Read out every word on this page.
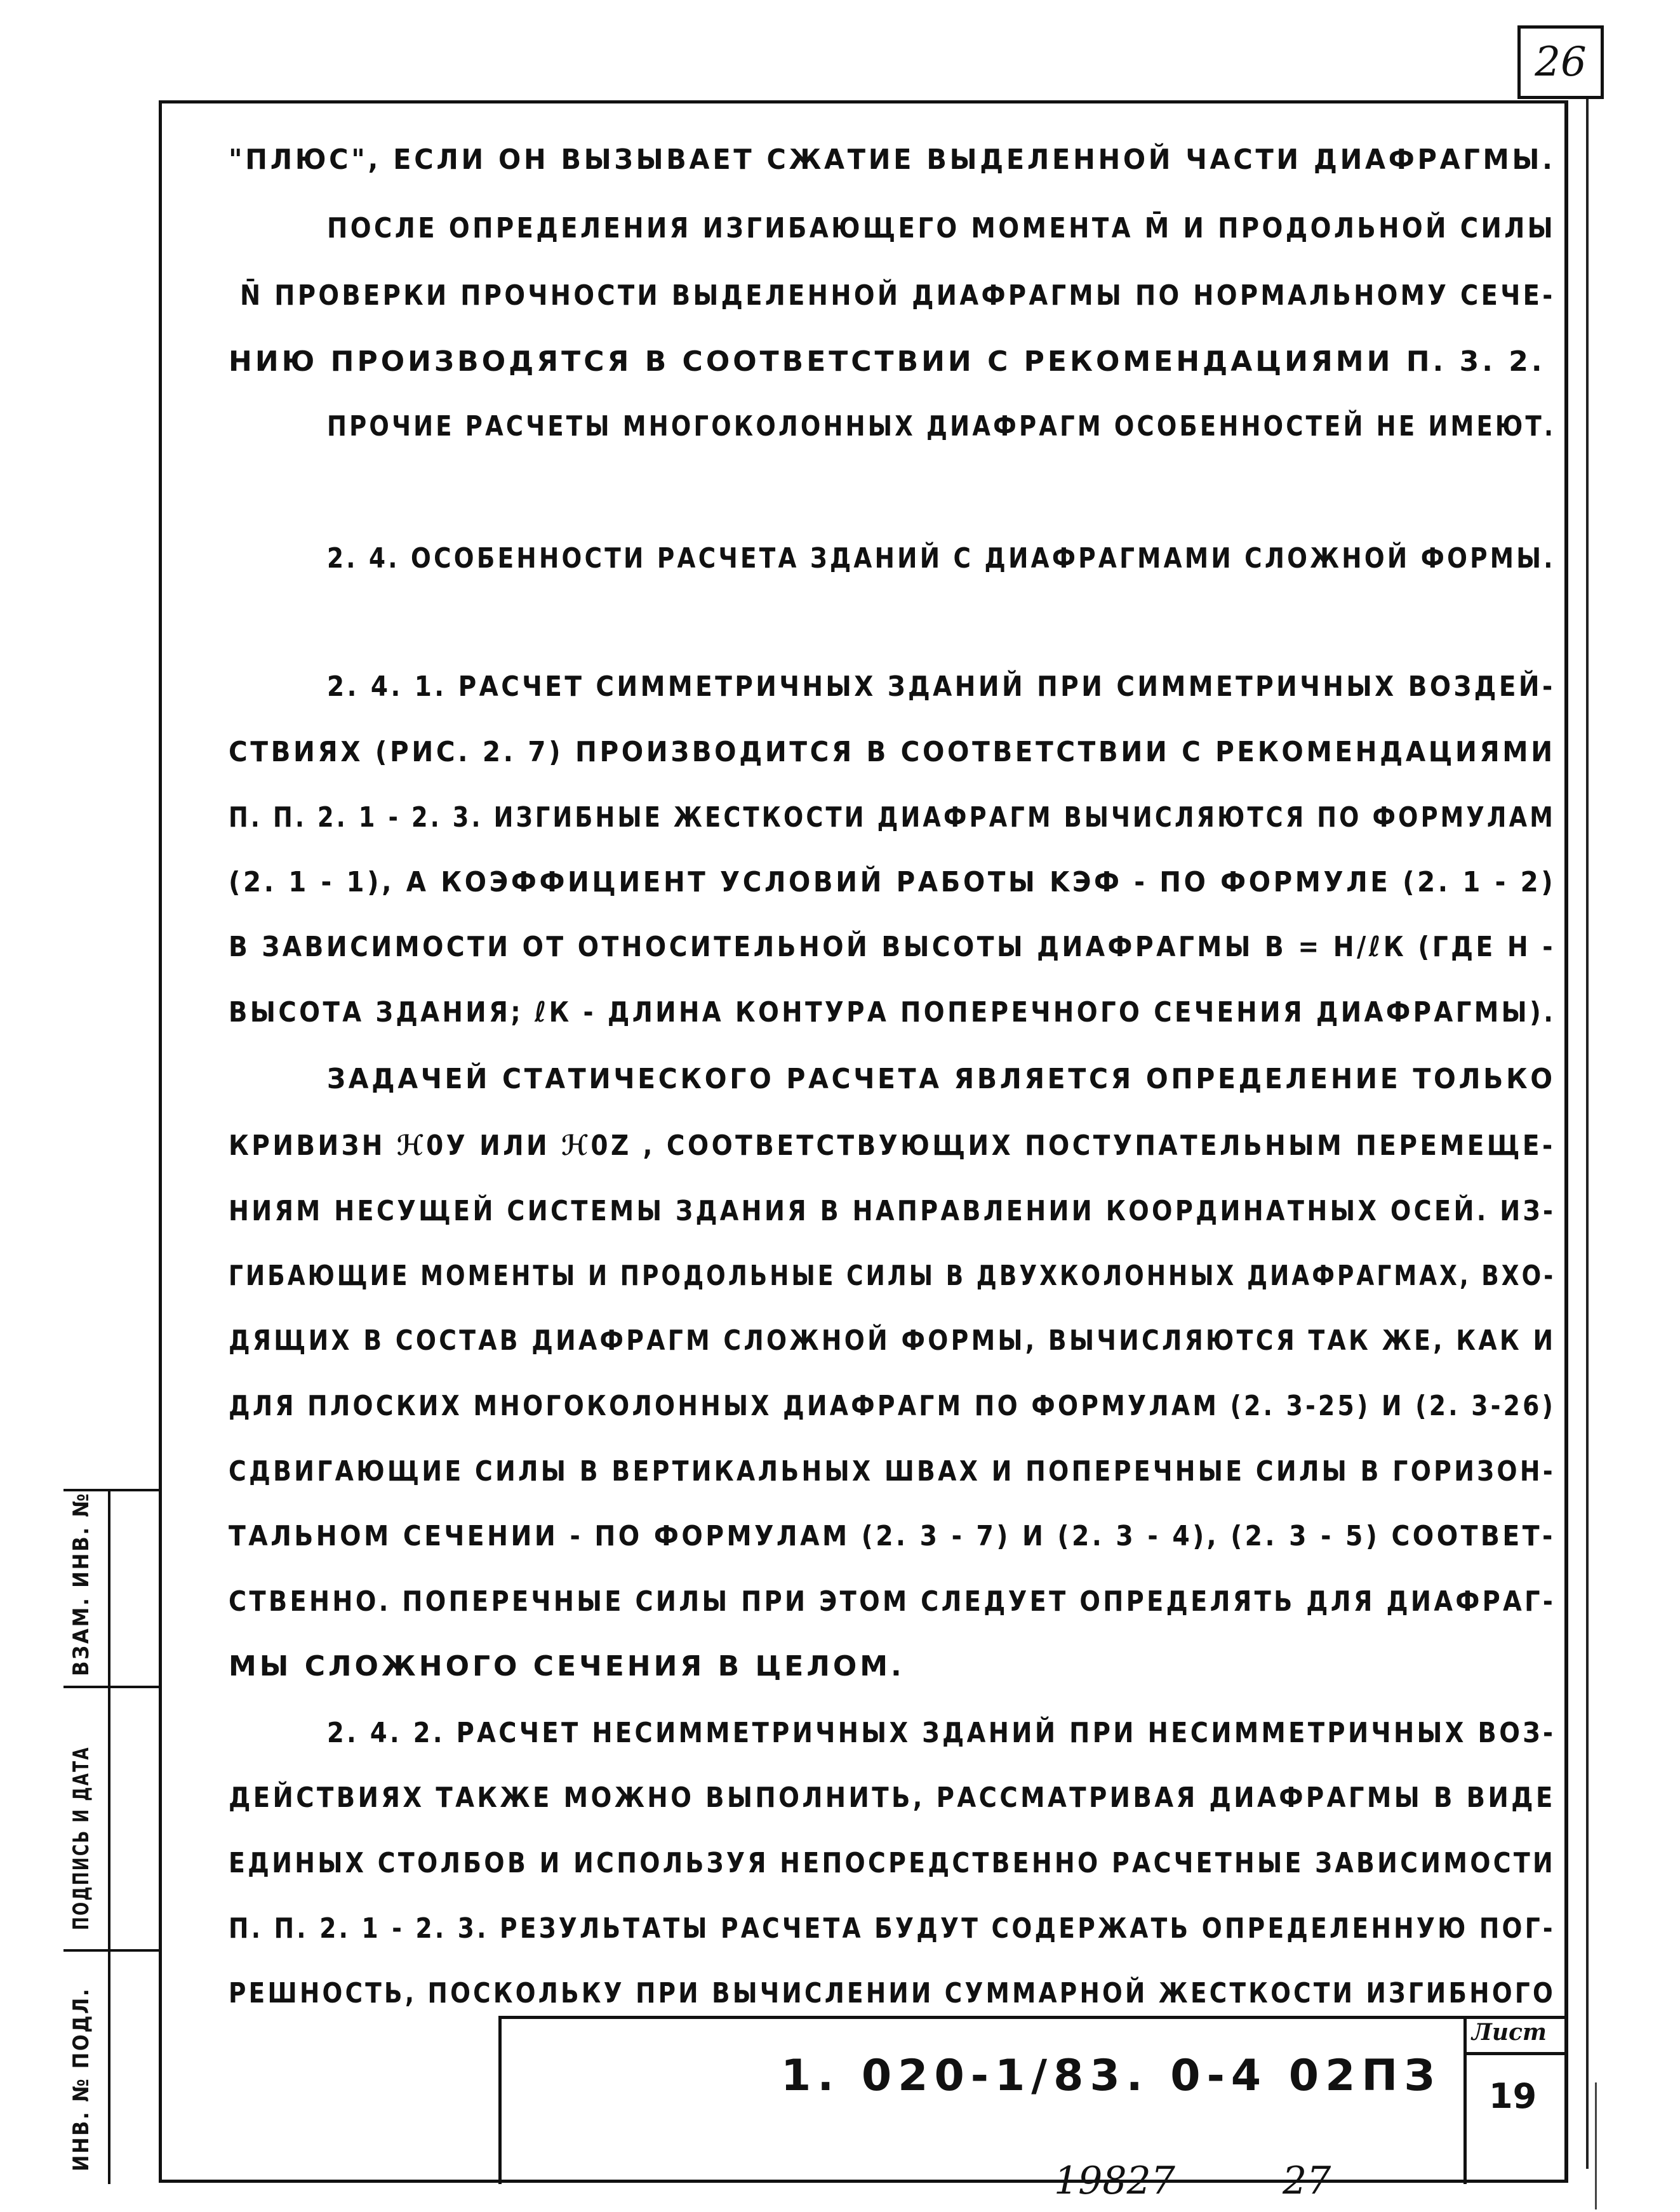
26
"ПЛЮС", ЕСЛИ ОН ВЫЗЫВАЕТ СЖАТИЕ ВЫДЕЛЕННОЙ ЧАСТИ ДИАФРАГМЫ.
ПОСЛЕ ОПРЕДЕЛЕНИЯ ИЗГИБАЮЩЕГО МОМЕНТА M̄ И ПРОДОЛЬНОЙ СИЛЫ
N̄ ПРОВЕРКИ ПРОЧНОСТИ ВЫДЕЛЕННОЙ ДИАФРАГМЫ ПО НОРМАЛЬНОМУ СЕЧЕ-
НИЮ ПРОИЗВОДЯТСЯ В СООТВЕТСТВИИ С РЕКОМЕНДАЦИЯМИ П. 3. 2.
ПРОЧИЕ РАСЧЕТЫ МНОГОКОЛОННЫХ ДИАФРАГМ ОСОБЕННОСТЕЙ НЕ ИМЕЮТ.
2. 4. ОСОБЕННОСТИ РАСЧЕТА ЗДАНИЙ С ДИАФРАГМАМИ СЛОЖНОЙ ФОРМЫ.
2. 4. 1. РАСЧЕТ СИММЕТРИЧНЫХ ЗДАНИЙ ПРИ СИММЕТРИЧНЫХ ВОЗДЕЙ-
СТВИЯХ (РИС. 2. 7) ПРОИЗВОДИТСЯ В СООТВЕТСТВИИ С РЕКОМЕНДАЦИЯМИ
П. П. 2. 1 - 2. 3. ИЗГИБНЫЕ ЖЕСТКОСТИ ДИАФРАГМ ВЫЧИСЛЯЮТСЯ ПО ФОРМУЛАМ
(2. 1 - 1), А КОЭФФИЦИЕНТ УСЛОВИЙ РАБОТЫ KЭФ - ПО ФОРМУЛЕ (2. 1 - 2)
В ЗАВИСИМОСТИ ОТ ОТНОСИТЕЛЬНОЙ ВЫСОТЫ ДИАФРАГМЫ Β = H/ℓК (ГДЕ H -
ВЫСОТА ЗДАНИЯ; ℓК - ДЛИНА КОНТУРА ПОПЕРЕЧНОГО СЕЧЕНИЯ ДИАФРАГМЫ).
ЗАДАЧЕЙ СТАТИЧЕСКОГО РАСЧЕТА ЯВЛЯЕТСЯ ОПРЕДЕЛЕНИЕ ТОЛЬКО
КРИВИЗН ℋ0У ИЛИ ℋ0Z , СООТВЕТСТВУЮЩИХ ПОСТУПАТЕЛЬНЫМ ПЕРЕМЕЩЕ-
НИЯМ НЕСУЩЕЙ СИСТЕМЫ ЗДАНИЯ В НАПРАВЛЕНИИ КООРДИНАТНЫХ ОСЕЙ. ИЗ-
ГИБАЮЩИЕ МОМЕНТЫ И ПРОДОЛЬНЫЕ СИЛЫ В ДВУХКОЛОННЫХ ДИАФРАГМАХ, ВХО-
ДЯЩИХ В СОСТАВ ДИАФРАГМ СЛОЖНОЙ ФОРМЫ, ВЫЧИСЛЯЮТСЯ ТАК ЖЕ, КАК И
ДЛЯ ПЛОСКИХ МНОГОКОЛОННЫХ ДИАФРАГМ ПО ФОРМУЛАМ (2. 3-25) И (2. 3-26)
СДВИГАЮЩИЕ СИЛЫ В ВЕРТИКАЛЬНЫХ ШВАХ И ПОПЕРЕЧНЫЕ СИЛЫ В ГОРИЗОН-
ТАЛЬНОМ СЕЧЕНИИ - ПО ФОРМУЛАМ (2. 3 - 7) И (2. 3 - 4), (2. 3 - 5) СООТВЕТ-
СТВЕННО. ПОПЕРЕЧНЫЕ СИЛЫ ПРИ ЭТОМ СЛЕДУЕТ ОПРЕДЕЛЯТЬ ДЛЯ ДИАФРАГ-
МЫ СЛОЖНОГО СЕЧЕНИЯ В ЦЕЛОМ.
2. 4. 2. РАСЧЕТ НЕСИММЕТРИЧНЫХ ЗДАНИЙ ПРИ НЕСИММЕТРИЧНЫХ ВОЗ-
ДЕЙСТВИЯХ ТАКЖЕ МОЖНО ВЫПОЛНИТЬ, РАССМАТРИВАЯ ДИАФРАГМЫ В ВИДЕ
ЕДИНЫХ СТОЛБОВ И ИСПОЛЬЗУЯ НЕПОСРЕДСТВЕННО РАСЧЕТНЫЕ ЗАВИСИМОСТИ
П. П. 2. 1 - 2. 3. РЕЗУЛЬТАТЫ РАСЧЕТА БУДУТ СОДЕРЖАТЬ ОПРЕДЕЛЕННУЮ ПОГ-
РЕШНОСТЬ, ПОСКОЛЬКУ ПРИ ВЫЧИСЛЕНИИ СУММАРНОЙ ЖЕСТКОСТИ ИЗГИБНОГО
ВЗАМ. ИНВ. №
ПОДПИСЬ И ДАТА
ИНВ. № ПОДЛ.	1. 020-1/83. 0-4 02ПЗ
Лист
19
19827	27
